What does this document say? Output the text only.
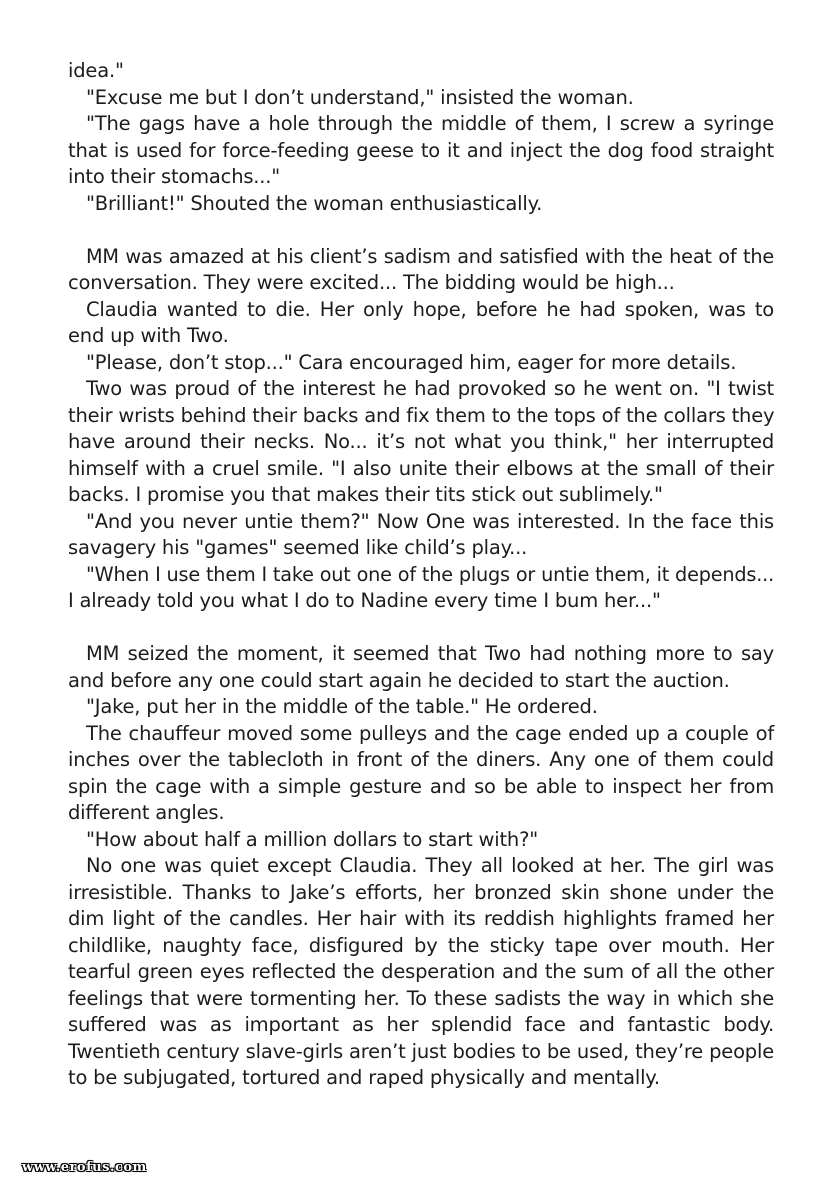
idea."
"Excuse me but I don’t understand," insisted the woman.
"The gags have a hole through the middle of them, I screw a syringe
that is used for force-feeding geese to it and inject the dog food straight
into their stomachs..."
"Brilliant!" Shouted the woman enthusiastically.
MM was amazed at his client’s sadism and satisfied with the heat of the
conversation. They were excited... The bidding would be high...
Claudia wanted to die. Her only hope, before he had spoken, was to
end up with Two.
"Please, don’t stop..." Cara encouraged him, eager for more details.
Two was proud of the interest he had provoked so he went on. "I twist
their wrists behind their backs and fix them to the tops of the collars they
have around their necks. No... it’s not what you think," her interrupted
himself with a cruel smile. "I also unite their elbows at the small of their
backs. I promise you that makes their tits stick out sublimely."
"And you never untie them?" Now One was interested. In the face this
savagery his "games" seemed like child’s play...
"When I use them I take out one of the plugs or untie them, it depends...
I already told you what I do to Nadine every time I bum her..."
MM seized the moment, it seemed that Two had nothing more to say
and before any one could start again he decided to start the auction.
"Jake, put her in the middle of the table." He ordered.
The chauffeur moved some pulleys and the cage ended up a couple of
inches over the tablecloth in front of the diners. Any one of them could
spin the cage with a simple gesture and so be able to inspect her from
different angles.
"How about half a million dollars to start with?"
No one was quiet except Claudia. They all looked at her. The girl was
irresistible. Thanks to Jake’s efforts, her bronzed skin shone under the
dim light of the candles. Her hair with its reddish highlights framed her
childlike, naughty face, disfigured by the sticky tape over mouth. Her
tearful green eyes reflected the desperation and the sum of all the other
feelings that were tormenting her. To these sadists the way in which she
suffered was as important as her splendid face and fantastic body.
Twentieth century slave-girls aren’t just bodies to be used, they’re people
to be subjugated, tortured and raped physically and mentally.
www.erofus.com
